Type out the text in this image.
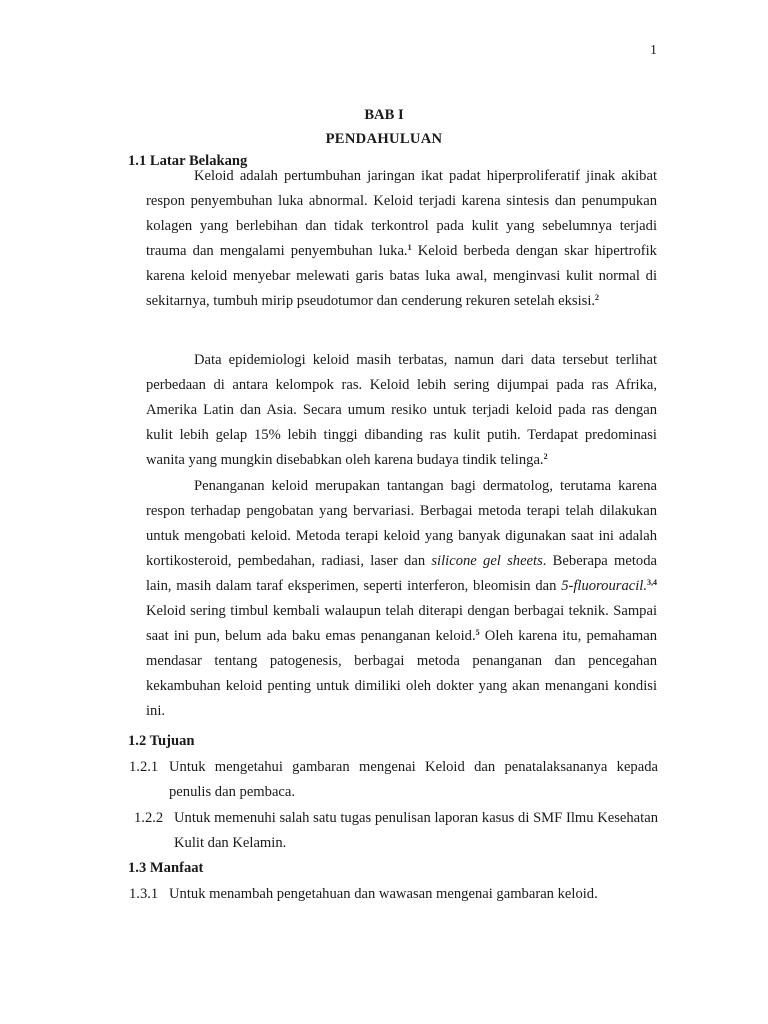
1
BAB I
PENDAHULUAN
1.1 Latar Belakang

Keloid adalah pertumbuhan jaringan ikat padat hiperproliferatif jinak akibat respon penyembuhan luka abnormal. Keloid terjadi karena sintesis dan penumpukan kolagen yang berlebihan dan tidak terkontrol pada kulit yang sebelumnya terjadi trauma dan mengalami penyembuhan luka.$^1$ Keloid berbeda dengan skar hipertrofik karena keloid menyebar melewati garis batas luka awal, menginvasi kulit normal di sekitarnya, tumbuh mirip pseudotumor dan cenderung rekuren setelah eksisi.$^2$

Data epidemiologi keloid masih terbatas, namun dari data tersebut terlihat perbedaan di antara kelompok ras. Keloid lebih sering dijumpai pada ras Afrika, Amerika Latin dan Asia. Secara umum resiko untuk terjadi keloid pada ras dengan kulit lebih gelap 15% lebih tinggi dibanding ras kulit putih. Terdapat predominasi wanita yang mungkin disebabkan oleh karena budaya tindik telinga.$^2$

Penanganan keloid merupakan tantangan bagi dermatolog, terutama karena respon terhadap pengobatan yang bervariasi. Berbagai metoda terapi telah dilakukan untuk mengobati keloid. Metoda terapi keloid yang banyak digunakan saat ini adalah kortikosteroid, pembedahan, radiasi, laser dan silicone gel sheets. Beberapa metoda lain, masih dalam taraf eksperimen, seperti interferon, bleomisin dan 5-fluorouracil.$^{3,4}$ Keloid sering timbul kembali walaupun telah diterapi dengan berbagai teknik. Sampai saat ini pun, belum ada baku emas penanganan keloid.$^5$ Oleh karena itu, pemahaman mendasar tentang patogenesis, berbagai metoda penanganan dan pencegahan kekambuhan keloid penting untuk dimiliki oleh dokter yang akan menangani kondisi ini.

1.2 Tujuan
1.2.1 Untuk mengetahui gambaran mengenai Keloid dan penatalaksananya kepada penulis dan pembaca.
1.2.2 Untuk memenuhi salah satu tugas penulisan laporan kasus di SMF Ilmu Kesehatan Kulit dan Kelamin.
1.3 Manfaat
1.3.1 Untuk menambah pengetahuan dan wawasan mengenai gambaran keloid.
